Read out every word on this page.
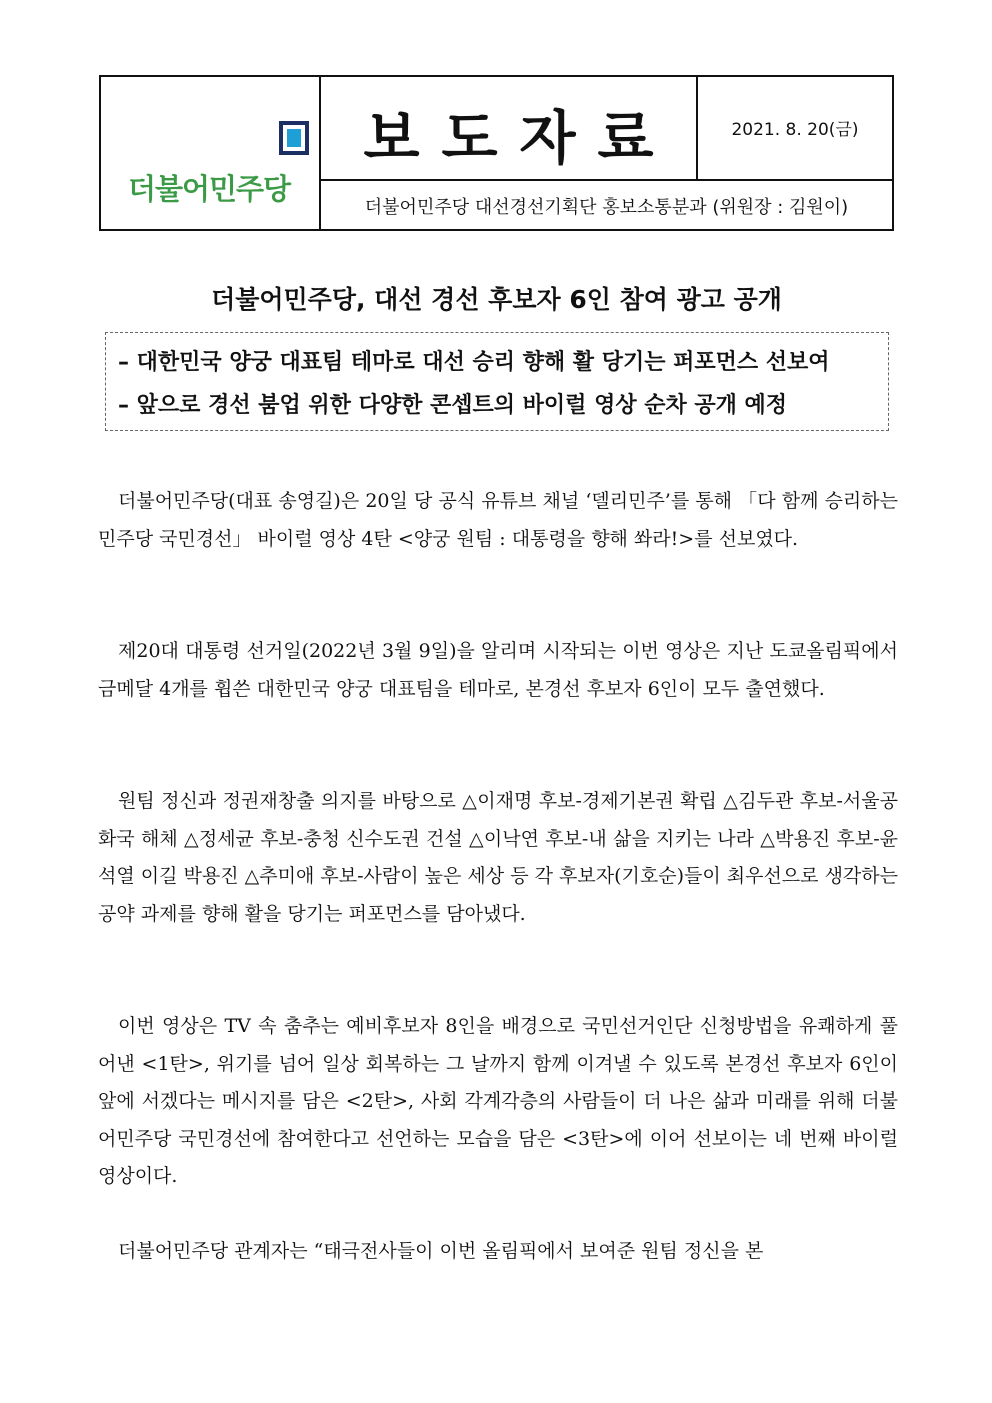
더불어민주당
보도자료	2021. 8. 20(금)
더불어민주당 대선경선기획단 홍보소통분과 (위원장 : 김원이)
더불어민주당, 대선 경선 후보자 6인 참여 광고 공개
– 대한민국 양궁 대표팀 테마로 대선 승리 향해 활 당기는 퍼포먼스 선보여
– 앞으로 경선 붐업 위한 다양한 콘셉트의 바이럴 영상 순차 공개 예정

더불어민주당(대표 송영길)은 20일 당 공식 유튜브 채널 ‘델리민주’를 통해 「다 함께 승리하는 민주당 국민경선」 바이럴 영상 4탄 <양궁 원팀 : 대통령을 향해 쏴라!>를 선보였다.

제20대 대통령 선거일(2022년 3월 9일)을 알리며 시작되는 이번 영상은 지난 도쿄올림픽에서 금메달 4개를 휩쓴 대한민국 양궁 대표팀을 테마로, 본경선 후보자 6인이 모두 출연했다.

원팀 정신과 정권재창출 의지를 바탕으로 △이재명 후보-경제기본권 확립 △김두관 후보-서울공화국 해체 △정세균 후보-충청 신수도권 건설 △이낙연 후보-내 삶을 지키는 나라 △박용진 후보-윤석열 이길 박용진 △추미애 후보-사람이 높은 세상 등 각 후보자(기호순)들이 최우선으로 생각하는 공약 과제를 향해 활을 당기는 퍼포먼스를 담아냈다.

이번 영상은 TV 속 춤추는 예비후보자 8인을 배경으로 국민선거인단 신청방법을 유쾌하게 풀어낸 <1탄>, 위기를 넘어 일상 회복하는 그 날까지 함께 이겨낼 수 있도록 본경선 후보자 6인이 앞에 서겠다는 메시지를 담은 <2탄>, 사회 각계각층의 사람들이 더 나은 삶과 미래를 위해 더불어민주당 국민경선에 참여한다고 선언하는 모습을 담은 <3탄>에 이어 선보이는 네 번째 바이럴 영상이다.

더불어민주당 관계자는 “태극전사들이 이번 올림픽에서 보여준 원팀 정신을 본
